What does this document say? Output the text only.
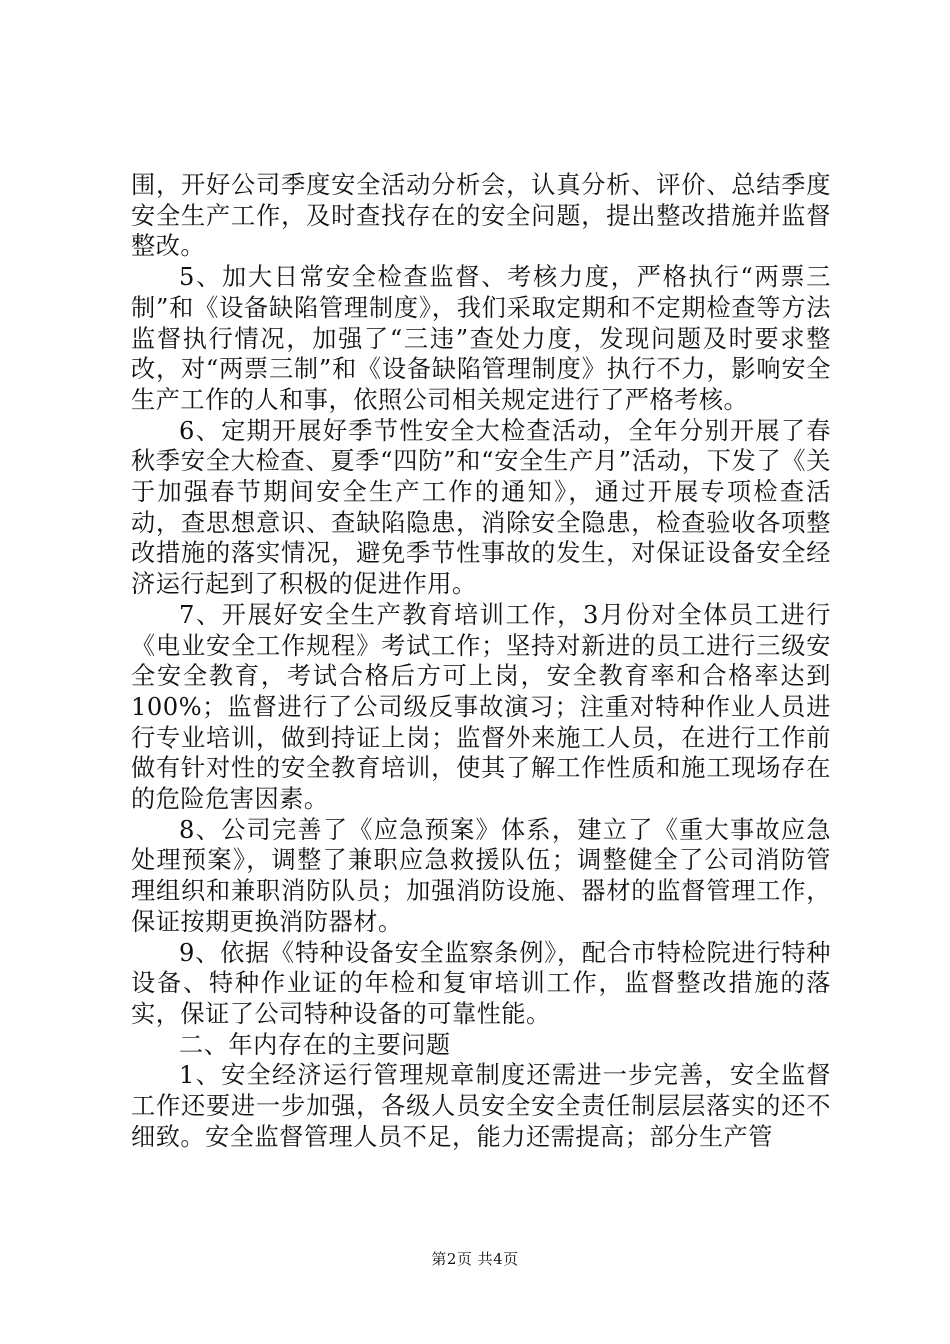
围，开好公司季度安全活动分析会，认真分析、评价、总结季度安全生产工作，及时查找存在的安全问题，提出整改措施并监督整改。

5、加大日常安全检查监督、考核力度，严格执行“两票三制”和《设备缺陷管理制度》，我们采取定期和不定期检查等方法监督执行情况，加强了“三违”查处力度，发现问题及时要求整改，对“两票三制”和《设备缺陷管理制度》执行不力，影响安全生产工作的人和事，依照公司相关规定进行了严格考核。

6、定期开展好季节性安全大检查活动，全年分别开展了春秋季安全大检查、夏季“四防”和“安全生产月”活动，下发了《关于加强春节期间安全生产工作的通知》，通过开展专项检查活动，查思想意识、查缺陷隐患，消除安全隐患，检查验收各项整改措施的落实情况，避免季节性事故的发生，对保证设备安全经济运行起到了积极的促进作用。

7、开展好安全生产教育培训工作，3月份对全体员工进行《电业安全工作规程》考试工作；坚持对新进的员工进行三级安全安全教育，考试合格后方可上岗，安全教育率和合格率达到100%；监督进行了公司级反事故演习；注重对特种作业人员进行专业培训，做到持证上岗；监督外来施工人员，在进行工作前做有针对性的安全教育培训，使其了解工作性质和施工现场存在的危险危害因素。

8、公司完善了《应急预案》体系，建立了《重大事故应急处理预案》，调整了兼职应急救援队伍；调整健全了公司消防管理组织和兼职消防队员；加强消防设施、器材的监督管理工作，保证按期更换消防器材。

9、依据《特种设备安全监察条例》，配合市特检院进行特种设备、特种作业证的年检和复审培训工作，监督整改措施的落实，保证了公司特种设备的可靠性能。

二、年内存在的主要问题

1、安全经济运行管理规章制度还需进一步完善，安全监督工作还要进一步加强，各级人员安全安全责任制层层落实的还不细致。安全监督管理人员不足，能力还需提高；部分生产管

第2页 共4页
